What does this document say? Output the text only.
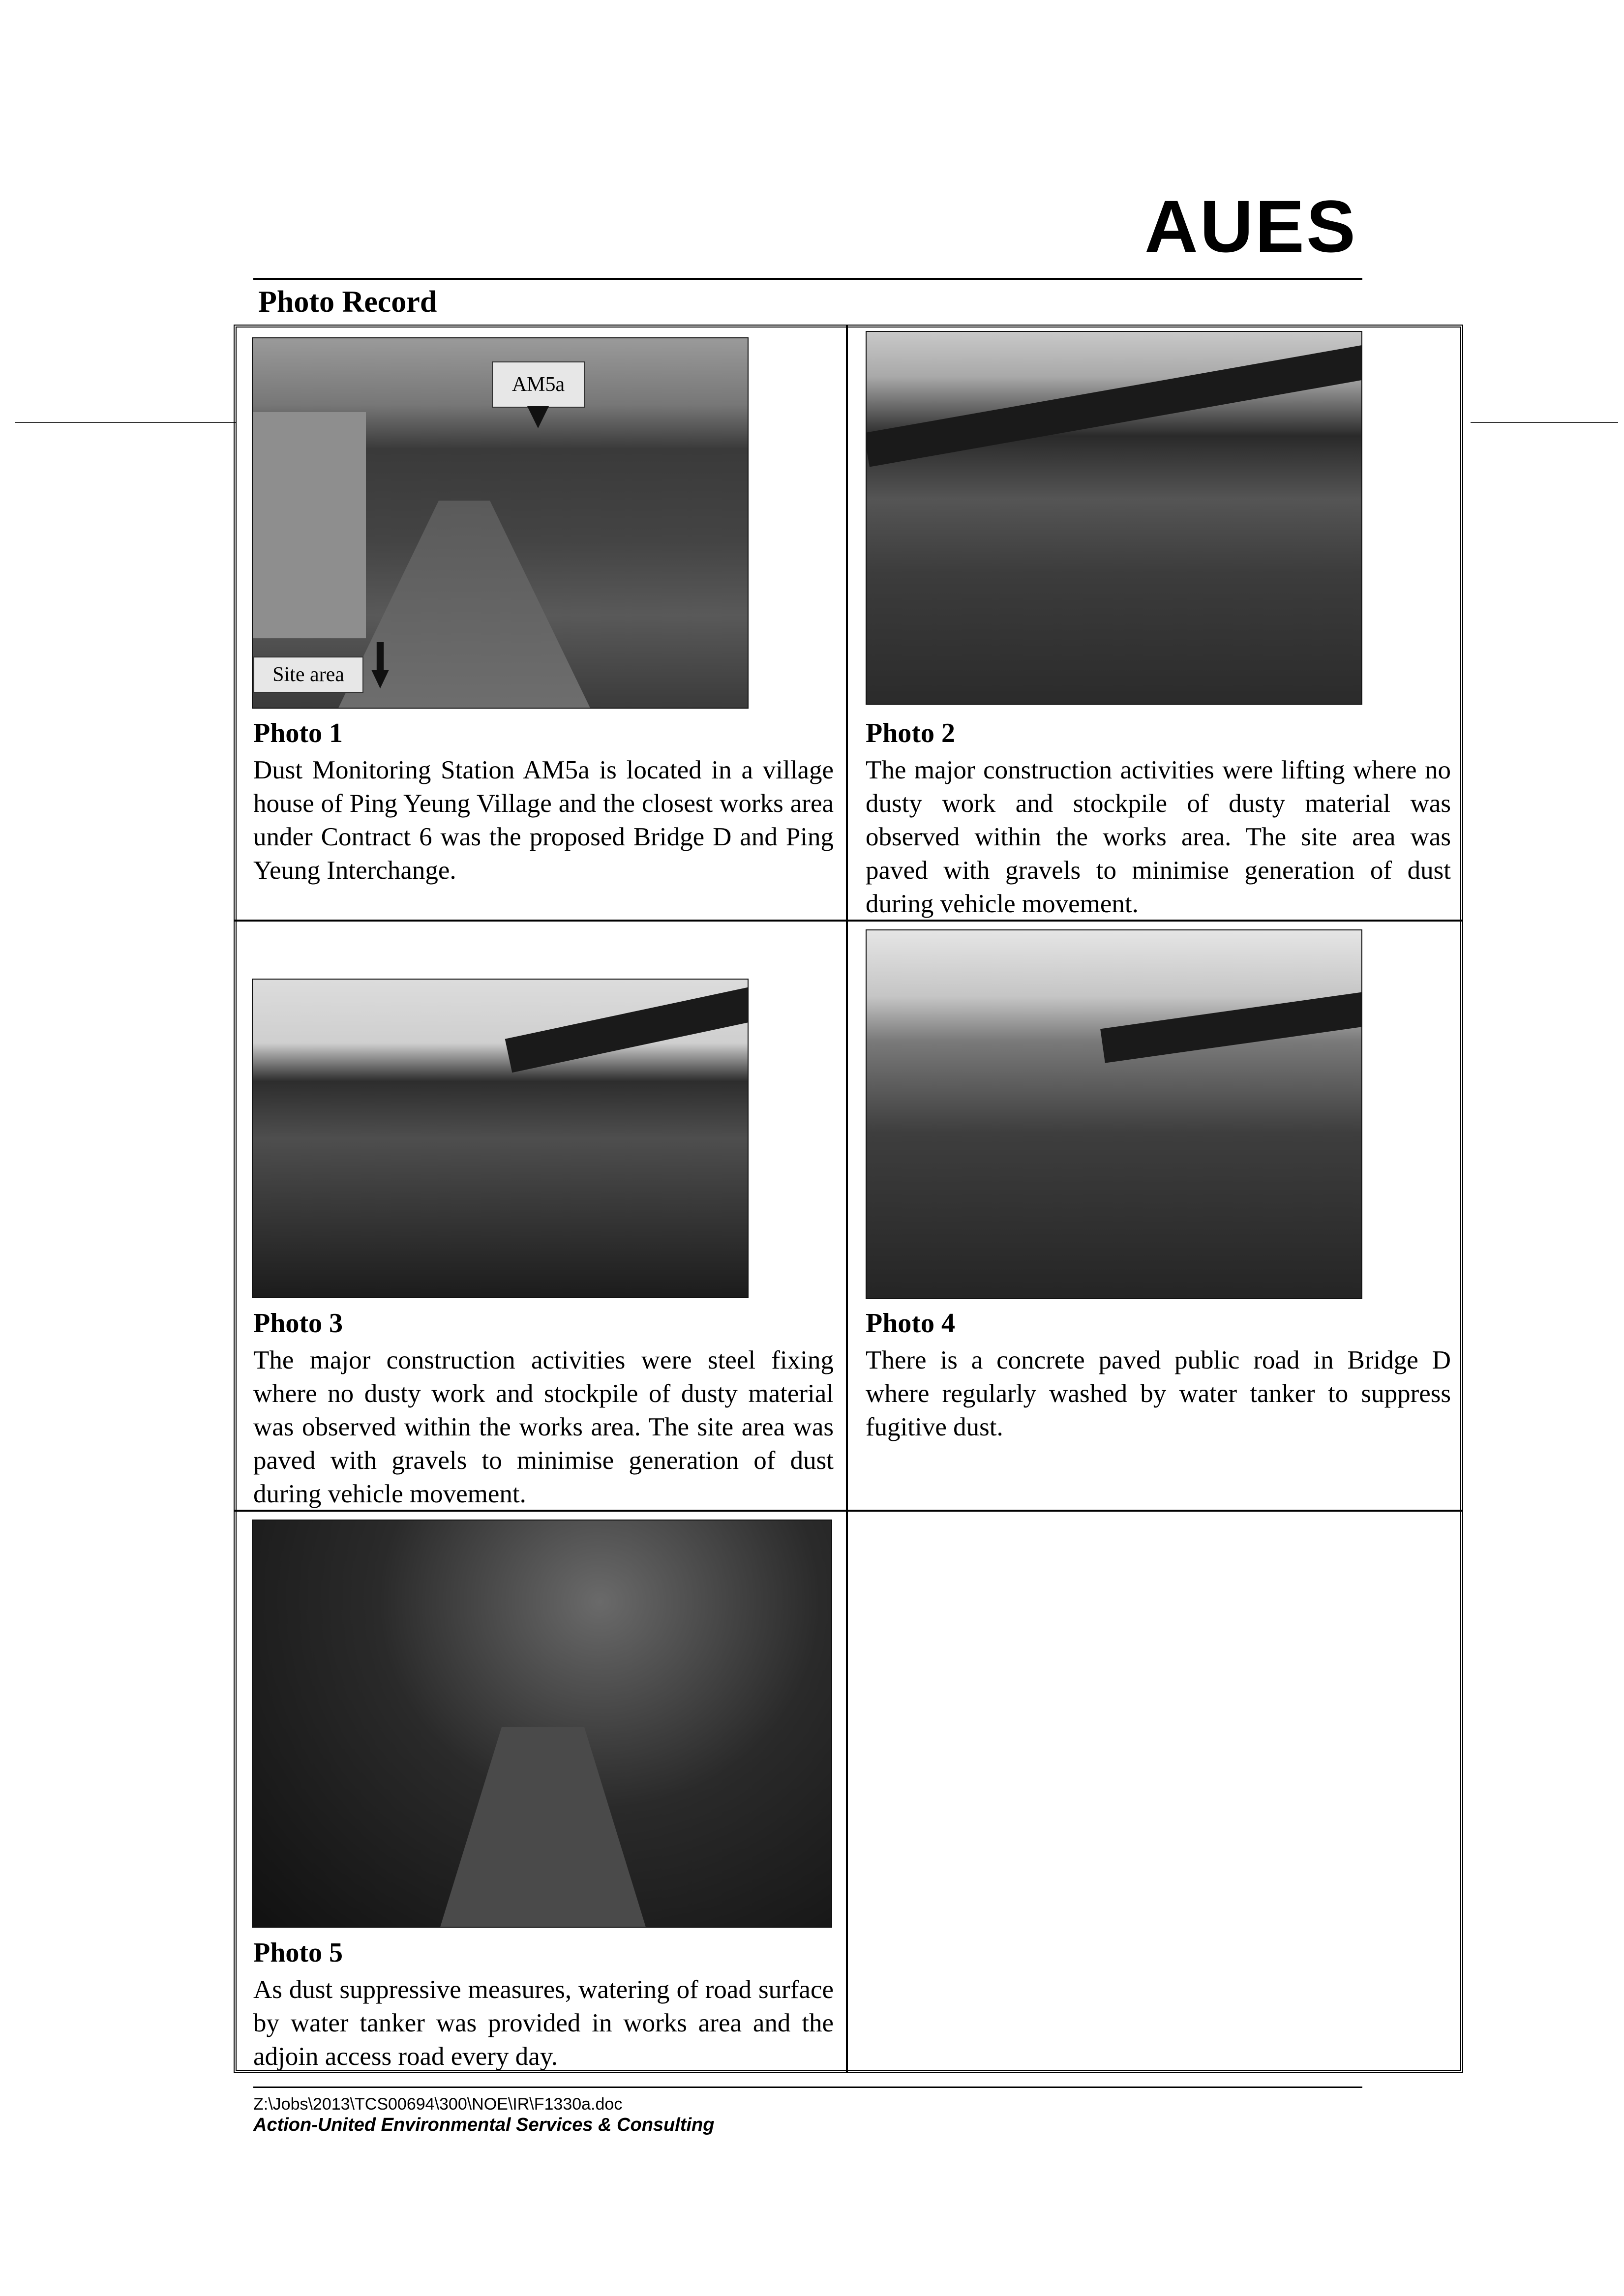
AUES
Photo Record
AM5a
Site area
Photo 1
Dust Monitoring Station AM5a is located in a village house of Ping Yeung Village and the closest works area under Contract 6 was the proposed Bridge D and Ping Yeung Interchange.
Photo 2
The major construction activities were lifting where no dusty work and stockpile of dusty material was observed within the works area. The site area was paved with gravels to minimise generation of dust during vehicle movement.
Photo 3
The major construction activities were steel fixing where no dusty work and stockpile of dusty material was observed within the works area. The site area was paved with gravels to minimise generation of dust during vehicle movement.
Photo 4
There is a concrete paved public road in Bridge D where regularly washed by water tanker to suppress fugitive dust.
Photo 5
As dust suppressive measures, watering of road surface by water tanker was provided in works area and the adjoin access road every day.
Z:\Jobs\2013\TCS00694\300\NOE\IR\F1330a.doc
Action-United Environmental Services & Consulting
